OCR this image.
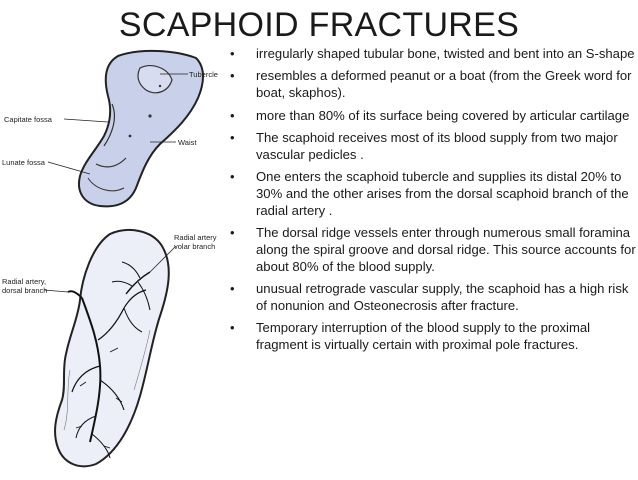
SCAPHOID FRACTURES
Tubercle
Capitate fossa
Waist
Lunate fossa
Radial artery
volar branch
Radial artery,
dorsal branch
• irregularly shaped tubular bone, twisted and bent into an S-shape
• resembles a deformed peanut or a boat (from the Greek word for boat, skaphos).
• more than 80% of its surface being covered by articular cartilage
• The scaphoid receives most of its blood supply from two major vascular pedicles .
• One enters the scaphoid tubercle and supplies its distal 20% to 30% and the other arises from the dorsal scaphoid branch of the radial artery .
• The dorsal ridge vessels enter through numerous small foramina along the spiral groove and dorsal ridge. This source accounts for about 80% of the blood supply.
• unusual retrograde vascular supply, the scaphoid has a high risk of nonunion and Osteonecrosis after fracture.
• Temporary interruption of the blood supply to the proximal fragment is virtually certain with proximal pole fractures.
